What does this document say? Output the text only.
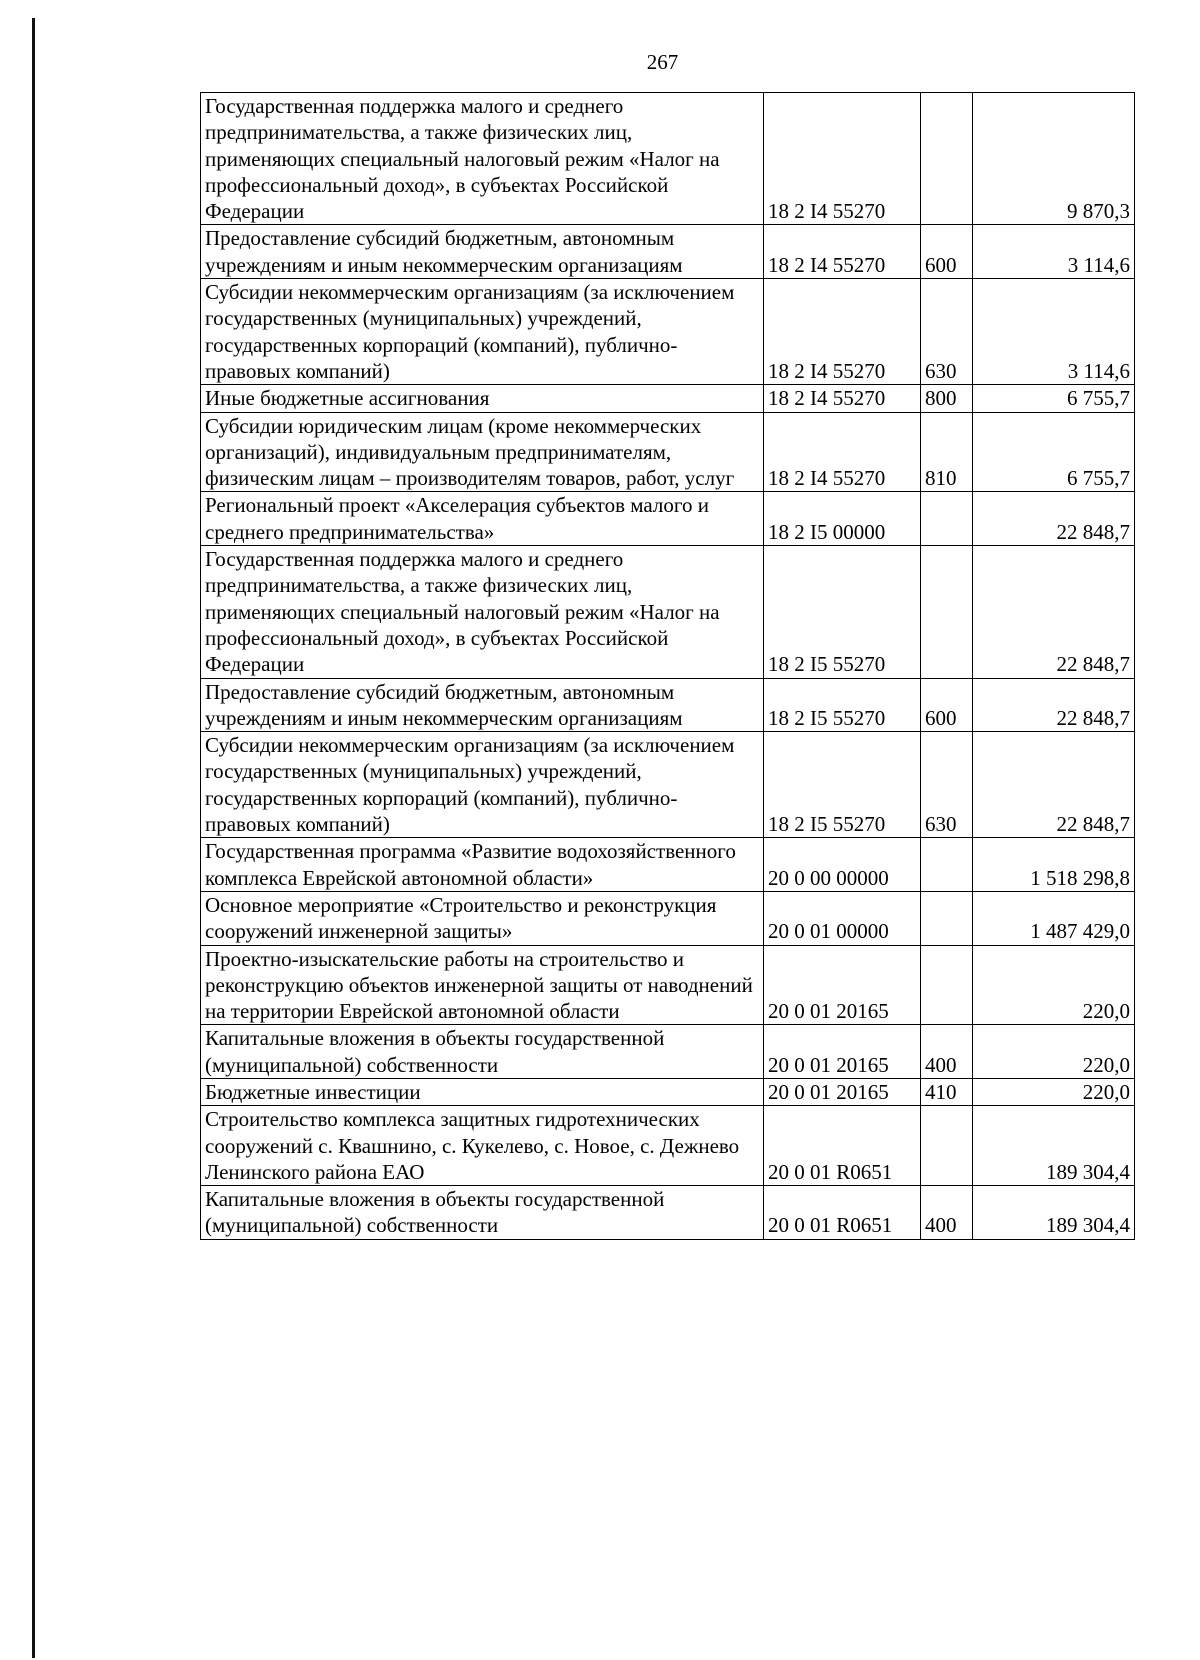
267
Государственная поддержка малого и среднего предпринимательства, а также физических лиц, применяющих специальный налоговый режим «Налог на профессиональный доход», в субъектах Российской Федерации	18 2 I4 55270		9 870,3
Предоставление субсидий бюджетным, автономным учреждениям и иным некоммерческим организациям	18 2 I4 55270	600	3 114,6
Субсидии некоммерческим организациям (за исключением государственных (муниципальных) учреждений, государственных корпораций (компаний), публично-правовых компаний)	18 2 I4 55270	630	3 114,6
Иные бюджетные ассигнования	18 2 I4 55270	800	6 755,7
Субсидии юридическим лицам (кроме некоммерческих организаций), индивидуальным предпринимателям, физическим лицам – производителям товаров, работ, услуг	18 2 I4 55270	810	6 755,7
Региональный проект «Акселерация субъектов малого и среднего предпринимательства»	18 2 I5 00000		22 848,7
Государственная поддержка малого и среднего предпринимательства, а также физических лиц, применяющих специальный налоговый режим «Налог на профессиональный доход», в субъектах Российской Федерации	18 2 I5 55270		22 848,7
Предоставление субсидий бюджетным, автономным учреждениям и иным некоммерческим организациям	18 2 I5 55270	600	22 848,7
Субсидии некоммерческим организациям (за исключением государственных (муниципальных) учреждений, государственных корпораций (компаний), публично-правовых компаний)	18 2 I5 55270	630	22 848,7
Государственная программа «Развитие водохозяйственного комплекса Еврейской автономной области»	20 0 00 00000		1 518 298,8
Основное мероприятие «Строительство и реконструкция сооружений инженерной защиты»	20 0 01 00000		1 487 429,0
Проектно-изыскательские работы на строительство и реконструкцию объектов инженерной защиты от наводнений на территории Еврейской автономной области	20 0 01 20165		220,0
Капитальные вложения в объекты государственной (муниципальной) собственности	20 0 01 20165	400	220,0
Бюджетные инвестиции	20 0 01 20165	410	220,0
Строительство комплекса защитных гидротехнических сооружений с. Квашнино, с. Кукелево, с. Новое, с. Дежнево Ленинского района ЕАО	20 0 01 R0651		189 304,4
Капитальные вложения в объекты государственной (муниципальной) собственности	20 0 01 R0651	400	189 304,4
